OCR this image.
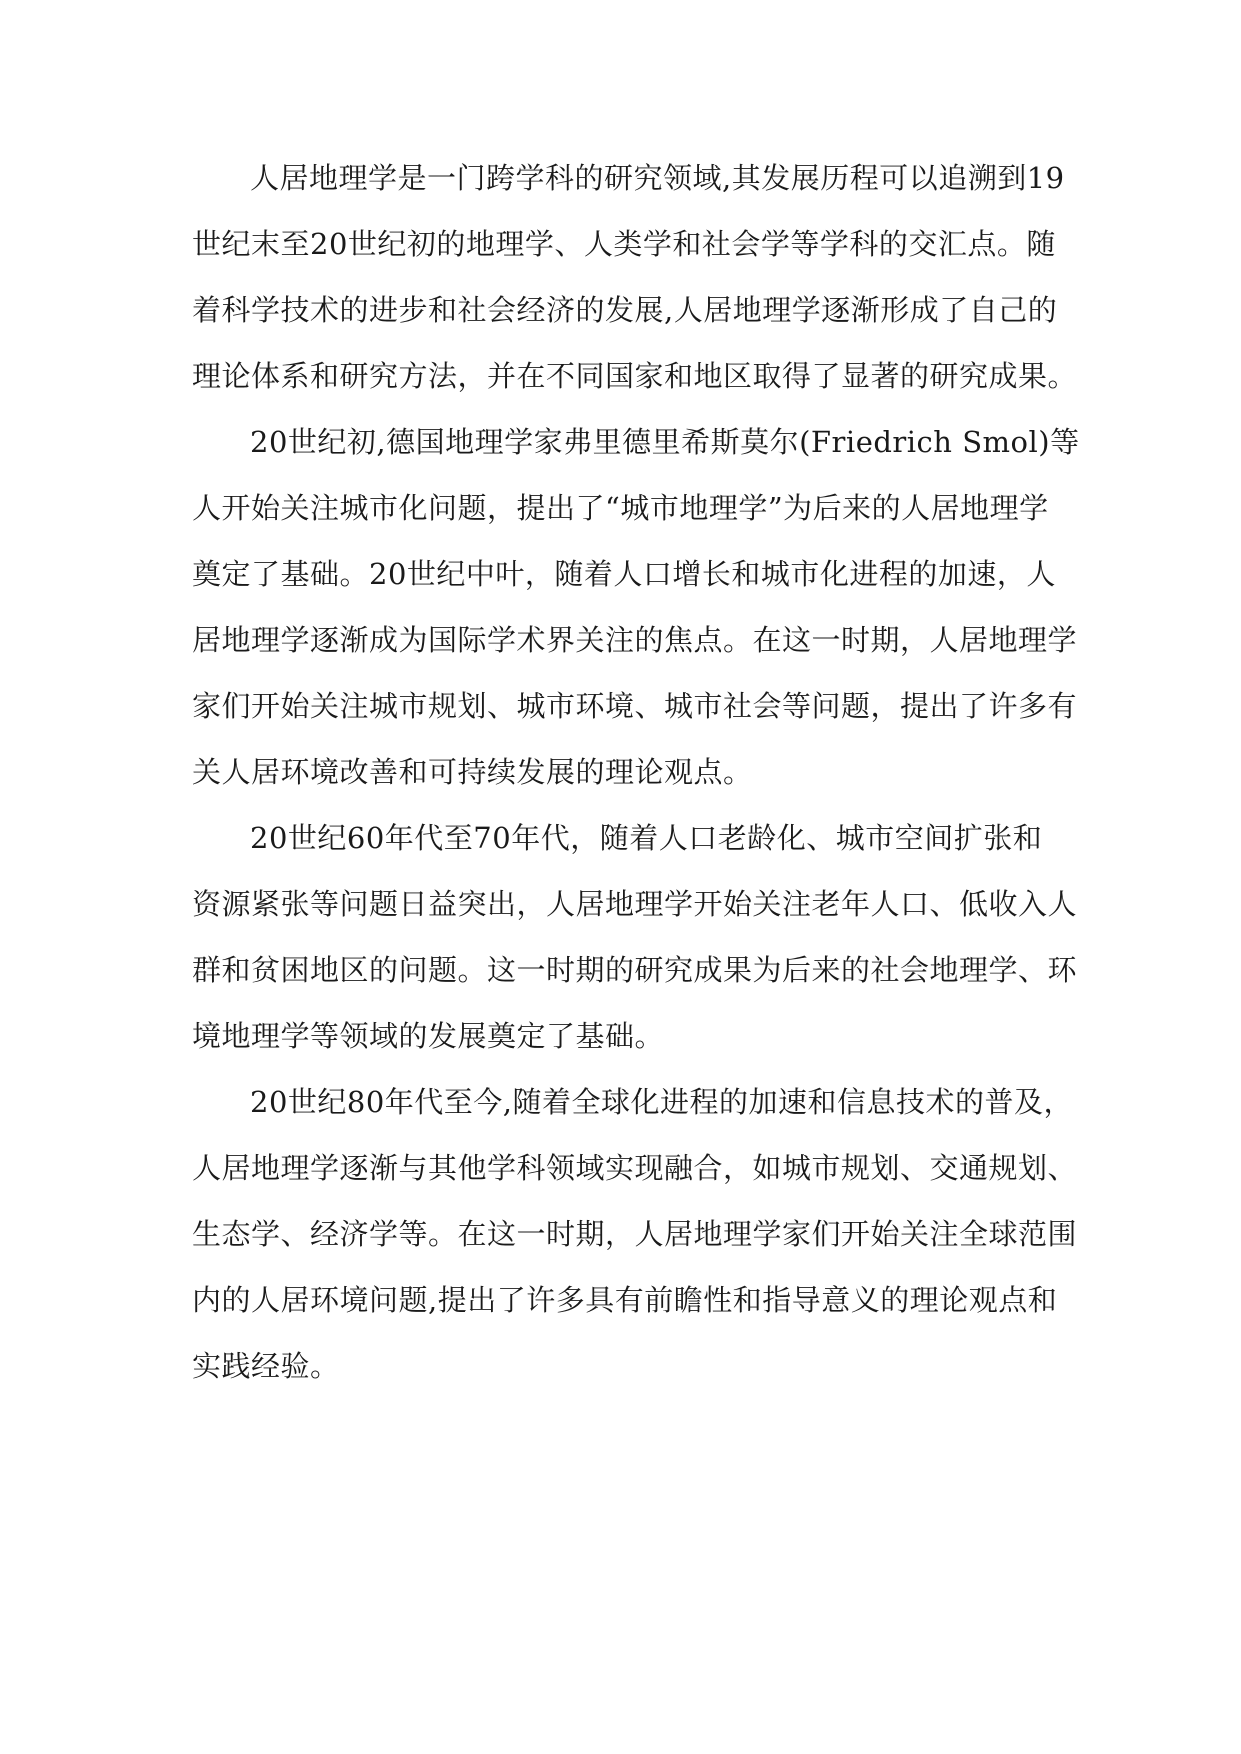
人居地理学是一门跨学科的研究领域,其发展历程可以追溯到19
世纪末至20世纪初的地理学、人类学和社会学等学科的交汇点。随
着科学技术的进步和社会经济的发展,人居地理学逐渐形成了自己的
理论体系和研究方法，并在不同国家和地区取得了显著的研究成果。
20世纪初,德国地理学家弗里德里希斯莫尔(Friedrich Smol)等
人开始关注城市化问题，提出了“城市地理学”为后来的人居地理学
奠定了基础。20世纪中叶，随着人口增长和城市化进程的加速，人
居地理学逐渐成为国际学术界关注的焦点。在这一时期，人居地理学
家们开始关注城市规划、城市环境、城市社会等问题，提出了许多有
关人居环境改善和可持续发展的理论观点。
20世纪60年代至70年代，随着人口老龄化、城市空间扩张和
资源紧张等问题日益突出，人居地理学开始关注老年人口、低收入人
群和贫困地区的问题。这一时期的研究成果为后来的社会地理学、环
境地理学等领域的发展奠定了基础。
20世纪80年代至今,随着全球化进程的加速和信息技术的普及，
人居地理学逐渐与其他学科领域实现融合，如城市规划、交通规划、
生态学、经济学等。在这一时期，人居地理学家们开始关注全球范围
内的人居环境问题,提出了许多具有前瞻性和指导意义的理论观点和
实践经验。
